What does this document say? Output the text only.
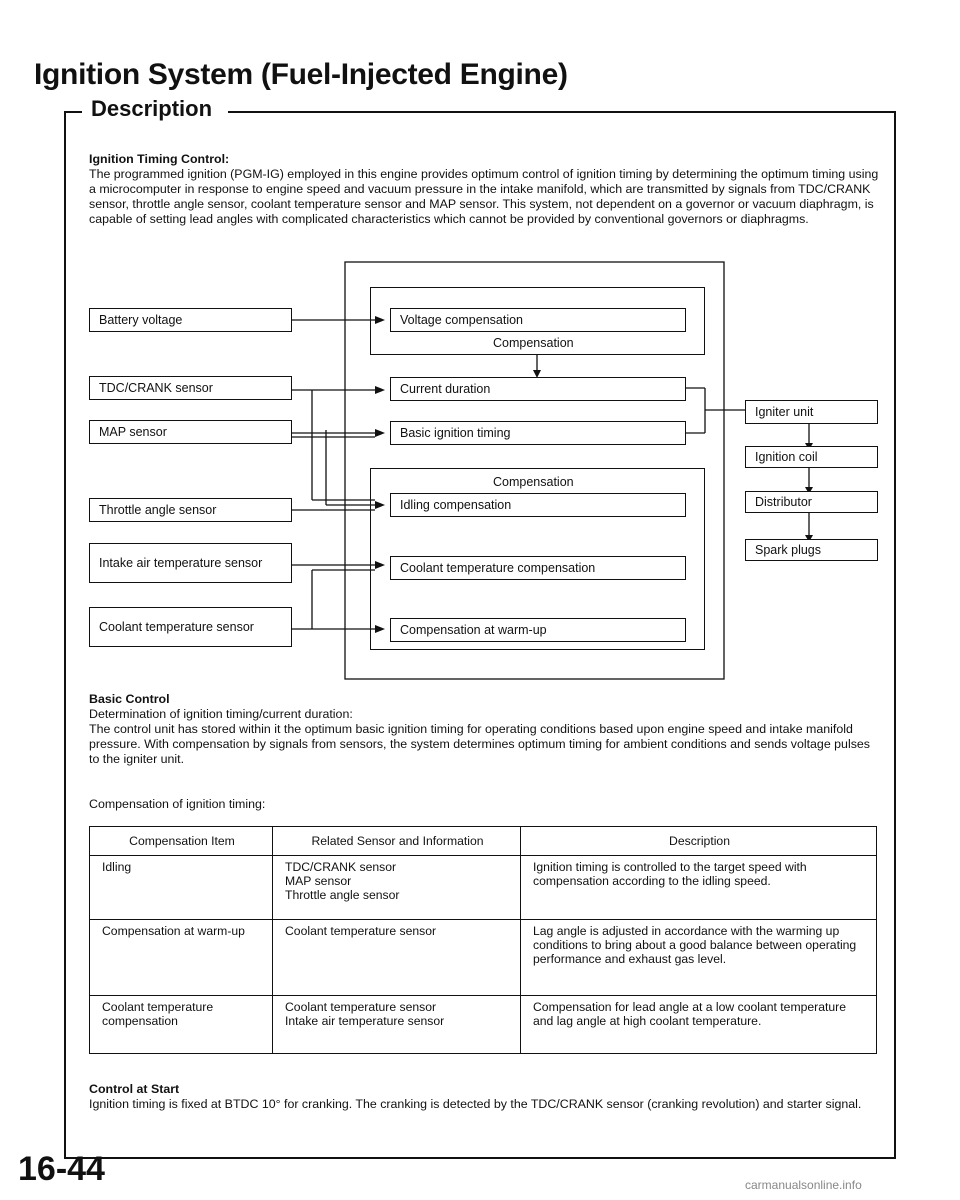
Ignition System (Fuel-Injected Engine)
Description
Ignition Timing Control:
The programmed ignition (PGM-IG) employed in this engine provides optimum control of ignition timing by determining the optimum timing using a microcomputer in response to engine speed and vacuum pressure in the intake manifold, which are transmitted by signals from TDC/CRANK sensor, throttle angle sensor, coolant temperature sensor and MAP sensor. This system, not dependent on a governor or vacuum diaphragm, is capable of setting lead angles with complicated characteristics which cannot be provided by conventional governors or diaphragms.
Battery voltage
TDC/CRANK sensor
MAP sensor
Throttle angle sensor
Intake air temperature sensor
Coolant temperature sensor
Compensation
Compensation
Voltage compensation
Current duration
Basic ignition timing
Idling compensation
Coolant temperature compensation
Compensation at warm-up
Igniter unit
Ignition coil
Distributor
Spark plugs
Basic Control
Determination of ignition timing/current duration:
The control unit has stored within it the optimum basic ignition timing for operating conditions based upon engine speed and intake manifold pressure. With compensation by signals from sensors, the system determines optimum timing for ambient conditions and sends voltage pulses to the igniter unit.
Compensation of ignition timing:
Compensation Item	Related Sensor and Information	Description
Idling	TDC/CRANK sensor
MAP sensor
Throttle angle sensor	Ignition timing is controlled to the target speed with compensation according to the idling speed.
Compensation at warm-up	Coolant temperature sensor	Lag angle is adjusted in accordance with the warming up conditions to bring about a good balance between operating performance and exhaust gas level.
Coolant temperature compensation	Coolant temperature sensor
Intake air temperature sensor	Compensation for lead angle at a low coolant temperature and lag angle at high coolant temperature.
Control at Start
Ignition timing is fixed at BTDC 10° for cranking. The cranking is detected by the TDC/CRANK sensor (cranking revolution) and starter signal.
16-44	carmanualsonline.info
